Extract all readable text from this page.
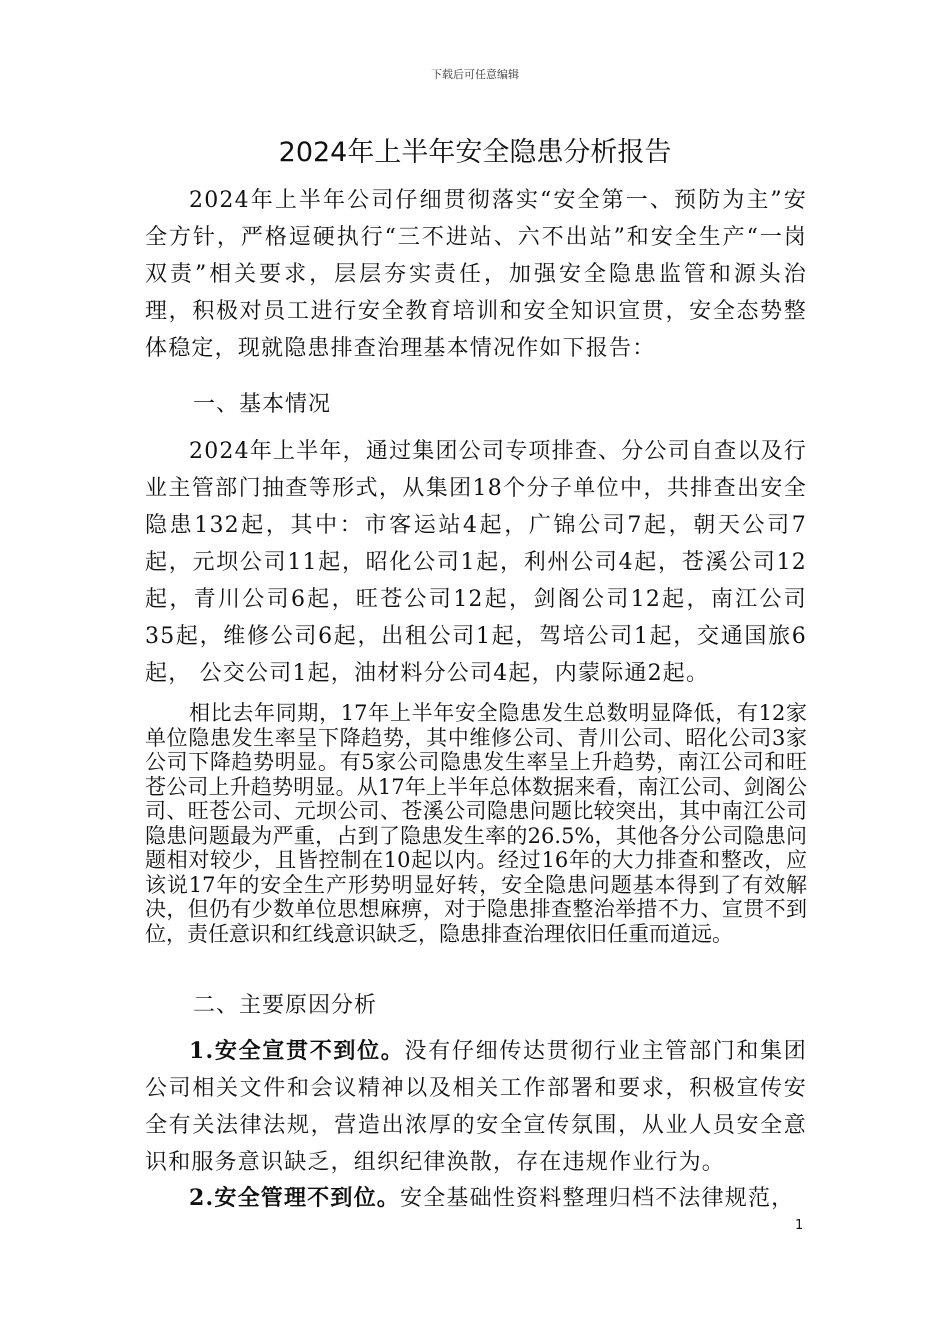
下载后可任意编辑
2024年上半年安全隐患分析报告
2024年上半年公司仔细贯彻落实“安全第一、预防为主”安全方针，严格逗硬执行“三不进站、六不出站”和安全生产“一岗双责”相关要求，层层夯实责任，加强安全隐患监管和源头治理，积极对员工进行安全教育培训和安全知识宣贯，安全态势整体稳定，现就隐患排查治理基本情况作如下报告：
一、基本情况
2024年上半年，通过集团公司专项排查、分公司自查以及行业主管部门抽查等形式，从集团18个分子单位中，共排查出安全隐患132起，其中：市客运站4起，广锦公司7起，朝天公司7起，元坝公司11起，昭化公司1起，利州公司4起，苍溪公司12起，青川公司6起，旺苍公司12起，剑阁公司12起，南江公司35起，维修公司6起，出租公司1起，驾培公司1起，交通国旅6起， 公交公司1起，油材料分公司4起，内蒙际通2起。
相比去年同期，17年上半年安全隐患发生总数明显降低，有12家单位隐患发生率呈下降趋势，其中维修公司、青川公司、昭化公司3家公司下降趋势明显。有5家公司隐患发生率呈上升趋势，南江公司和旺苍公司上升趋势明显。从17年上半年总体数据来看，南江公司、剑阁公司、旺苍公司、元坝公司、苍溪公司隐患问题比较突出，其中南江公司隐患问题最为严重，占到了隐患发生率的26.5%，其他各分公司隐患问题相对较少，且皆控制在10起以内。经过16年的大力排查和整改，应该说17年的安全生产形势明显好转，安全隐患问题基本得到了有效解决，但仍有少数单位思想麻痹，对于隐患排查整治举措不力、宣贯不到位，责任意识和红线意识缺乏，隐患排查治理依旧任重而道远。
二、主要原因分析
1.安全宣贯不到位。没有仔细传达贯彻行业主管部门和集团公司相关文件和会议精神以及相关工作部署和要求，积极宣传安全有关法律法规，营造出浓厚的安全宣传氛围，从业人员安全意识和服务意识缺乏，组织纪律涣散，存在违规作业行为。
2.安全管理不到位。安全基础性资料整理归档不法律规范，
1
